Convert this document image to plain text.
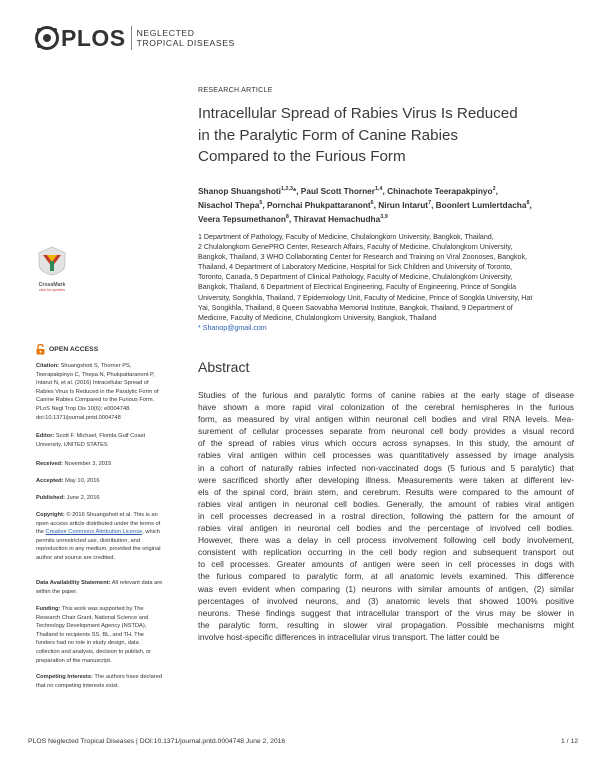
PLOS NEGLECTED
TROPICAL DISEASES
RESEARCH ARTICLE
Intracellular Spread of Rabies Virus Is Reduced in the Paralytic Form of Canine Rabies Compared to the Furious Form
Shanop Shuangshoti$^{1,2,3}$*, Paul Scott Thorner$^{1,4}$, Chinachote Teerapakpinyo$^2$,
Nisachol Thepa$^5$, Pornchai Phukpattaranont$^6$, Nirun Intarut$^7$, Boonlert Lumlertdacha$^8$,
Veera Tepsumethanon$^8$, Thiravat Hemachudha$^{3,9}$
1 Department of Pathology, Faculty of Medicine, Chulalongkorn University, Bangkok, Thailand,
2 Chulalongkorn GenePRO Center, Research Affairs, Faculty of Medicine, Chulalongkorn University,
Bangkok, Thailand, 3 WHO Collaborating Center for Research and Training on Viral Zoonoses, Bangkok,
Thailand, 4 Department of Laboratory Medicine, Hospital for Sick Children and University of Toronto,
Toronto, Canada, 5 Department of Clinical Pathology, Faculty of Medicine, Chulalongkorn University,
Bangkok, Thailand, 6 Department of Electrical Engineering, Faculty of Engineering, Prince of Songkla
University, Songkhla, Thailand, 7 Epidemiology Unit, Faculty of Medicine, Prince of Songkla University, Hat
Yai, Songkhla, Thailand, 8 Queen Saovabha Memorial Institute, Bangkok, Thailand, 9 Department of
Medicine, Faculty of Medicine, Chulalongkorn University, Bangkok, Thailand
* Shanop@gmail.com
Abstract
Studies of the furious and paralytic forms of canine rabies at the early stage of disease
have shown a more rapid viral colonization of the cerebral hemispheres in the furious
form, as measured by viral antigen within neuronal cell bodies and viral RNA levels. Mea-
surement of cellular processes separate from neuronal cell body provides a visual record
of the spread of rabies virus which occurs across synapses. In this study, the amount of
rabies viral antigen within cell processes was quantitatively assessed by image analysis
in a cohort of naturally rabies infected non-vaccinated dogs (5 furious and 5 paralytic) that
were sacrificed shortly after developing illness. Measurements were taken at different lev-
els of the spinal cord, brain stem, and cerebrum. Results were compared to the amount of
rabies viral antigen in neuronal cell bodies. Generally, the amount of rabies viral antigen
in cell processes decreased in a rostral direction, following the pattern for the amount of
rabies viral antigen in neuronal cell bodies and the percentage of involved cell bodies.
However, there was a delay in cell process involvement following cell body involvement,
consistent with replication occurring in the cell body region and subsequent transport out
to cell processes. Greater amounts of antigen were seen in cell processes in dogs with
the furious compared to paralytic form, at all anatomic levels examined. This difference
was even evident when comparing (1) neurons with similar amounts of antigen, (2) similar
percentages of involved neurons, and (3) anatomic levels that showed 100% positive
neurons. These findings suggest that intracellular transport of the virus may be slower in
the paralytic form, resulting in slower viral propagation. Possible mechanisms might
involve host-specific differences in intracellular virus transport. The latter could be
CrossMark
click for updates
OPEN ACCESS
Citation: Shuangshoti S, Thorner PS, Teerapakpinyo C, Thepa N, Phukpattaranont P, Intarut N, et al. (2016) Intracellular Spread of Rabies Virus Is Reduced in the Paralytic Form of Canine Rabies Compared to the Furious Form. PLoS Negl Trop Dis 10(6): e0004748. doi:10.1371/journal.pntd.0004748
Editor: Scott F. Michael, Florida Gulf Coast University, UNITED STATES
Received: November 3, 2015
Accepted: May 10, 2016
Published: June 2, 2016
Copyright: © 2016 Shuangshoti et al. This is an open access article distributed under the terms of the Creative Commons Attribution License, which permits unrestricted use, distribution, and reproduction in any medium, provided the original author and source are credited.
Data Availability Statement: All relevant data are within the paper.
Funding: This work was supported by The Research Chair Grant, National Science and Technology Development Agency (NSTDA), Thailand to recipients SS, BL, and TH. The funders had no role in study design, data collection and analysis, decision to publish, or preparation of the manuscript.
Competing Interests: The authors have declared that no competing interests exist.
PLOS Neglected Tropical Diseases | DOI:10.1371/journal.pntd.0004748 June 2, 2016	1 / 12
